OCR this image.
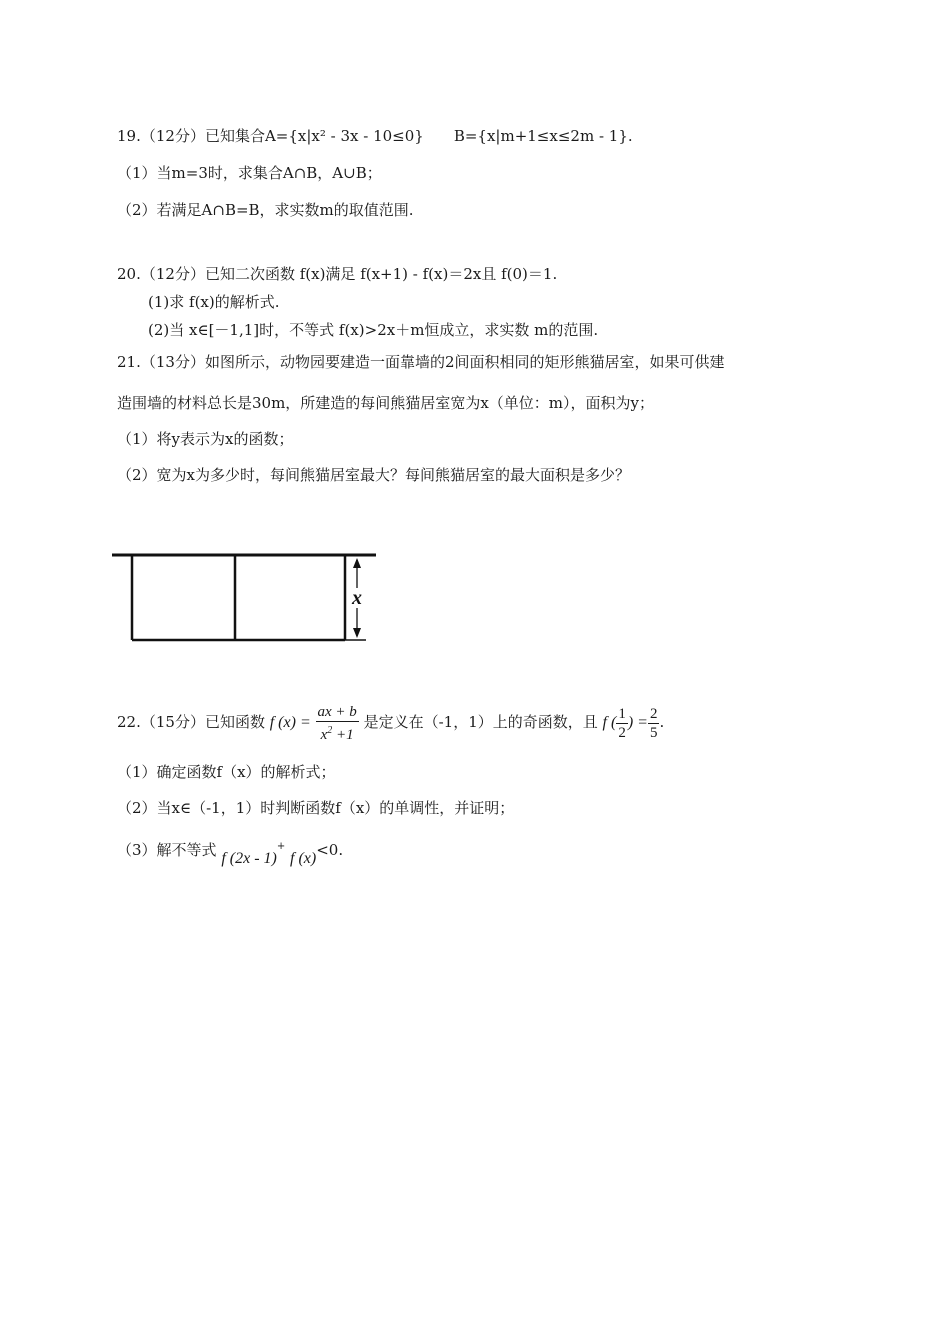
19.（12分）已知集合A={x|x² - 3x - 10≤0}　　B={x|m+1≤x≤2m - 1}.
（1）当m=3时，求集合A∩B，A∪B；
（2）若满足A∩B=B，求实数m的取值范围.
20.（12分）已知二次函数 f(x)满足 f(x+1) - f(x)＝2x且 f(0)＝1.
(1)求 f(x)的解析式.
(2)当 x∈[－1,1]时，不等式 f(x)>2x＋m恒成立，求实数 m的范围.
21.（13分）如图所示，动物园要建造一面靠墙的2间面积相同的矩形熊猫居室，如果可供建
造围墙的材料总长是30m，所建造的每间熊猫居室宽为x（单位：m），面积为y；
（1）将y表示为x的函数；
（2）宽为x为多少时，每间熊猫居室最大？每间熊猫居室的最大面积是多少？
x
22.（15分）已知函数 f $(x) = \frac{ax + b}{x^2 +1}$ 是定义在（-1，1）上的奇函数，且 f ( $\frac{1}{2}$ ) = $\frac{2}{5}$ .
（1）确定函数f（x）的解析式；
（2）当x∈（-1，1）时判断函数f（x）的单调性，并证明；
（3）解不等式 f (2x - 1)+ f (x)<0.
